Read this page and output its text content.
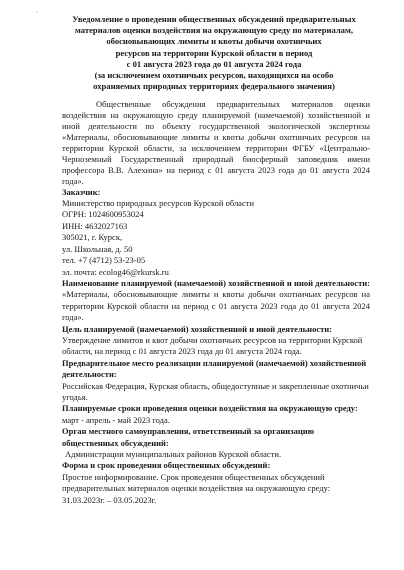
`	Уведомление о проведении общественных обсуждений предварительных
материалов оценки воздействия на окружающую среду по материалам,
обосновывающих лимиты и квоты добычи охотничьих
ресурсов на территории Курской области в период
с 01 августа 2023 года до 01 августа 2024 года
(за исключением охотничьих ресурсов, находящихся на особо
охраняемых природных территориях федерального значения)

Общественные обсуждения предварительных материалов оценки воздействия на окружающую среду планируемой (намечаемой) хозяйственной и иной деятельности по объекту государственной экологической экспертизы «Материалы, обосновывающие лимиты и квоты добычи охотничьих ресурсов на территории Курской области, за исключением территории ФГБУ «Центрально-Черноземный Государственный природный биосферный заповедник имени профессора В.В. Алехина» на период с 01 августа 2023 года до 01 августа 2024 года».

Заказчик:
Министерство природных ресурсов Курской области
ОГРН: 1024600953024
ИНН: 4632027163
305021, г. Курск,
ул. Школьная, д. 50
тел. +7 (4712) 53-23-05
эл. почта: ecolog46@rkursk.ru

Наименование планируемой (намечаемой) хозяйственной и иной деятельности: «Материалы, обосновывающие лимиты и квоты добычи охотничьих ресурсов на территории Курской области на период с 01 августа 2023 года до 01 августа 2024 года».

Цель планируемой (намечаемой) хозяйственной и иной деятельности:
Утверждение лимитов и квот добычи охотничьих ресурсов на территории Курской области, на период с 01 августа 2023 года до 01 августа 2024 года.
Предварительное место реализации планируемой (намечаемой) хозяйственной деятельности:
Российская Федерация, Курская область, общедоступные и закрепленные охотничьи угодья.

Планируемые сроки проведения оценки воздействия на окружающую среду: март - апрель - май 2023 года.

Орган местного самоуправления, ответственный за организацию общественных обсуждений:
Администрации муниципальных районов Курской области.
Форма и срок проведения общественных обсуждений:
Простое информирование. Срок проведения общественных обсуждений предварительных материалов оценки воздействия на окружающую среду: 31.03.2023г. – 03.05.2023г.
